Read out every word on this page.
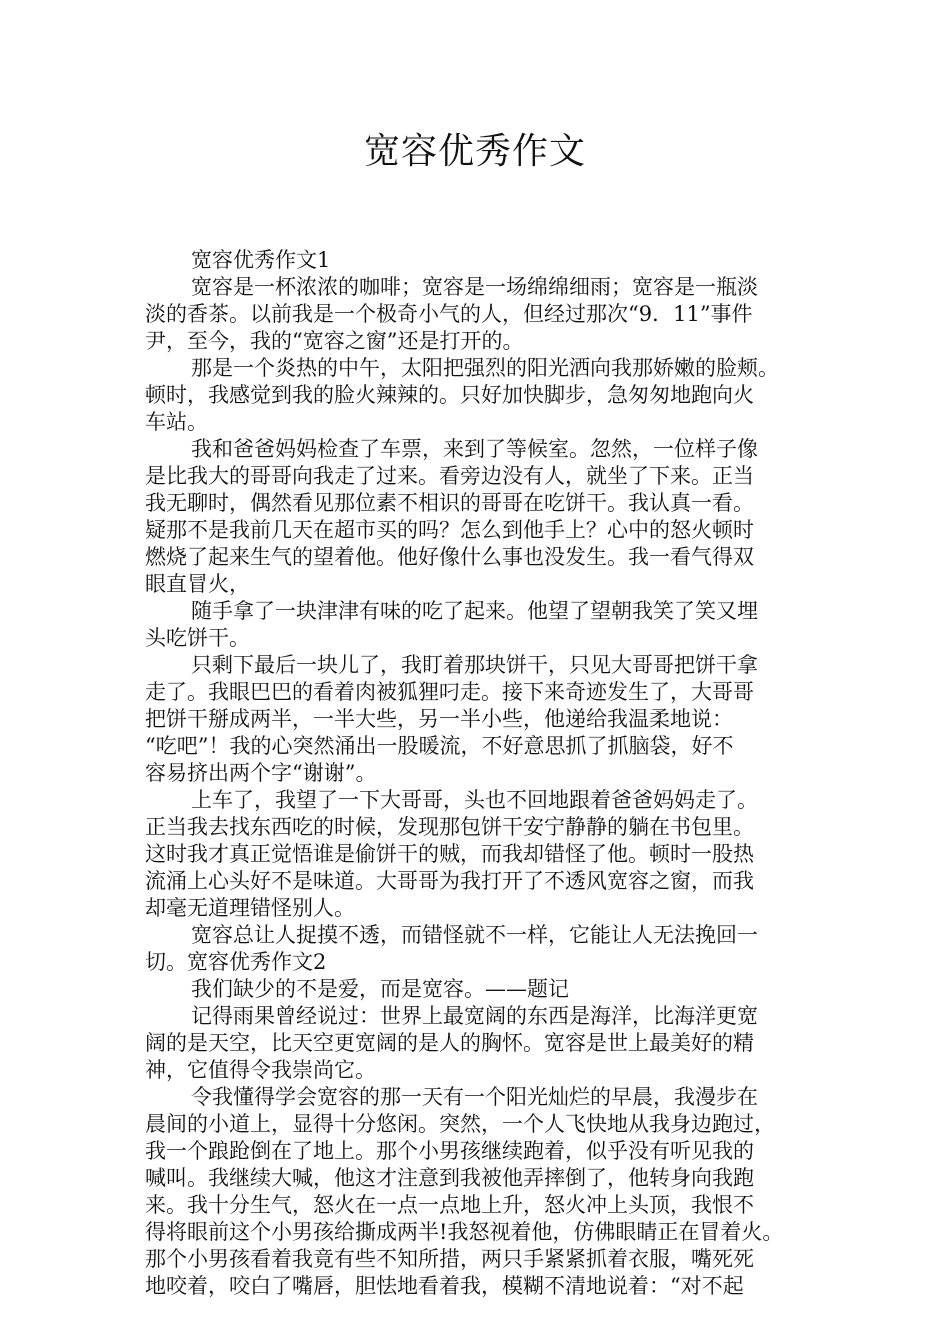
宽容优秀作文
宽容优秀作文1
宽容是一杯浓浓的咖啡；宽容是一场绵绵细雨；宽容是一瓶淡
淡的香茶。以前我是一个极奇小气的人，但经过那次“9．11”事件
尹，至今，我的“宽容之窗”还是打开的。
那是一个炎热的中午，太阳把强烈的阳光洒向我那娇嫩的脸颊。
顿时，我感觉到我的脸火辣辣的。只好加快脚步，急匆匆地跑向火
车站。
我和爸爸妈妈检查了车票，来到了等候室。忽然，一位样子像
是比我大的哥哥向我走了过来。看旁边没有人，就坐了下来。正当
我无聊时，偶然看见那位素不相识的哥哥在吃饼干。我认真一看。
疑那不是我前几天在超市买的吗？怎么到他手上？心中的怒火顿时
燃烧了起来生气的望着他。他好像什么事也没发生。我一看气得双
眼直冒火，
随手拿了一块津津有味的吃了起来。他望了望朝我笑了笑又埋
头吃饼干。
只剩下最后一块儿了，我盯着那块饼干，只见大哥哥把饼干拿
走了。我眼巴巴的看着肉被狐狸叼走。接下来奇迹发生了，大哥哥
把饼干掰成两半，一半大些，另一半小些，他递给我温柔地说：
“吃吧”！我的心突然涌出一股暖流，不好意思抓了抓脑袋，好不
容易挤出两个字“谢谢”。
上车了，我望了一下大哥哥，头也不回地跟着爸爸妈妈走了。
正当我去找东西吃的时候，发现那包饼干安宁静静的躺在书包里。
这时我才真正觉悟谁是偷饼干的贼，而我却错怪了他。顿时一股热
流涌上心头好不是味道。大哥哥为我打开了不透风宽容之窗，而我
却毫无道理错怪别人。
宽容总让人捉摸不透，而错怪就不一样，它能让人无法挽回一
切。宽容优秀作文2
我们缺少的不是爱，而是宽容。——题记
记得雨果曾经说过：世界上最宽阔的东西是海洋，比海洋更宽
阔的是天空，比天空更宽阔的是人的胸怀。宽容是世上最美好的精
神，它值得令我崇尚它。
令我懂得学会宽容的那一天有一个阳光灿烂的早晨，我漫步在
晨间的小道上，显得十分悠闲。突然，一个人飞快地从我身边跑过，
我一个踉跄倒在了地上。那个小男孩继续跑着，似乎没有听见我的
喊叫。我继续大喊，他这才注意到我被他弄摔倒了，他转身向我跑
来。我十分生气，怒火在一点一点地上升，怒火冲上头顶，我恨不
得将眼前这个小男孩给撕成两半!我怒视着他，仿佛眼睛正在冒着火。
那个小男孩看着我竟有些不知所措，两只手紧紧抓着衣服，嘴死死
地咬着，咬白了嘴唇，胆怯地看着我，模糊不清地说着：“对不起
